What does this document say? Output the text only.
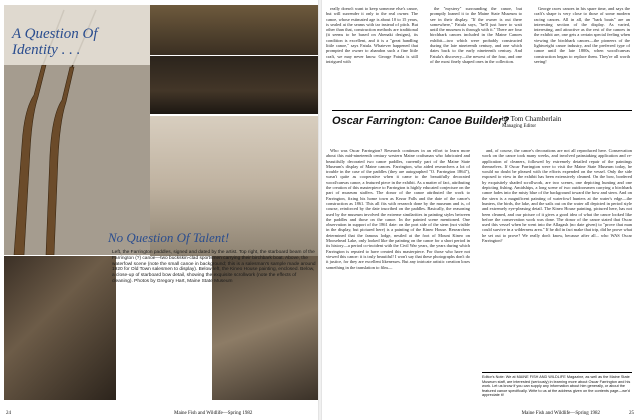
A Question Of Identity . . .
No Question Of Talent!
Left, the Farrington paddles, signed and dated by the artist. Top right, the starboard beam of the Farrington (?) canoe—two buckskin-clad sportsmen carrying their birchbark boat. Above, the waterfowl scene (note the small canoe in background; this is a salesman's sample made around 1920 for Old Town salesmen to display). Below left, the Kineo House painting, enclosed. Below, a close-up of starboard bow detail, showing the exquisite scrollwork (note the effects of cleaning). Photos by Gregory Hart, Maine State Museum
24	Maine Fish and Wildlife—Spring 1982

really doesn't want to keep someone else's canoe, but will surrender it only to the real owner. The canoe, whose estimated age is about 10 to 15 years, is sealed at the seams with tar instead of pitch. But other than that, construction methods are traditional (it seems to be based on Abenaki designs), its condition is excellent, and it is a "great handling little canoe," says Fatula. Whatever happened that prompted the owner to abandon such a fine little craft, we may never know. George Fatula is still intrigued with

the "mystery" surrounding the canoe, but promptly loaned it to the Maine State Museum to see in their display. "If the owner is out there somewhere," Fatula says, "he'll just have to wait until the museum is through with it." There are four birchbark canoes included in the Maine Canoes exhibit—two which were probably constructed during the late nineteenth century, and one which dates back to the early nineteenth century. And Fatula's discovery—the newest of the four, and one of the most finely shaped ones in the collection.

George races canoes in his spare time, and says the craft's shape is very close to those of some modern racing canoes. All in all, the "bark boats" are an interesting section of the display. As varied, interesting, and attractive as the rest of the canoes in the exhibit are, one gets a certain special feeling when viewing the birchbark canoes—the pioneers of the lightweight canoe industry, and the preferred type of canoe until the late 1800s, when wood/canvas construction began to replace them. They're all worth seeing!

Oscar Farrington: Canoe Builder?
by Tom Chamberlain
Managing Editor

Who was Oscar Farrington? Research continues in an effort to learn more about this mid-nineteenth century western Maine craftsman who fabricated and beautifully decorated two canoe paddles, currently part of the Maine State Museum's display of Maine canoes. Farrington, who aided researchers a lot of trouble in the case of the paddles (they are autographed "O. Farrington 1864"), wasn't quite as cooperative when it came to the beautifully decorated wood/canvas canoe, a featured piece in the exhibit. As a matter of fact, attributing the creation of this masterpiece to Farrington is highly educated conjecture on the part of museum staffers. The donor of the canoe attributed the work to Farrington, fixing his home town as Kezar Falls and the date of the canoe's construction as 1861. This all fits with research done by the museum and is, of course, reinforced by the date inscribed on the paddles. Basically, the reasoning used by the museum involved the extreme similarities in painting styles between the paddles and those on the canoe. In the painted scene mentioned. One observation in support of the 1861 date: on the port side of the stern (not visible in the display, but pictured here) is a painting of the Kineo House. Researchers determined that the famous lodge, nestled at the foot of Mount Kineo on Moosehead Lake, only looked like the painting on the canoe for a short period in its history—a period co-incident with the Civil War years, the years during which Farrington is reputed to have created this masterpiece. For those who have not viewed this canoe: it is truly beautiful! I won't say that these photographs don't do it justice, for they are excellent likenesses. But any intricate artistic creation loses something in the translation to film—

and, of course, the canoe's decorations are not all reproduced here. Conservation work on the canoe took many weeks, and involved painstaking application and re-application of cleaners, followed by extremely detailed repair of the paintings themselves. If Oscar Farrington were to visit the Maine State Museum today, he would no doubt be pleased with the efforts expended on the vessel. Only the side exposed to view in the exhibit has been extensively cleaned. On the bow, bordered by exquisitely shaded scrollwork, are two scenes, one depicting hunting and one depicting fishing. Amidships, a long scene of two outdoorsmen carrying a birchbark canoe fades into the misty blue of the background toward the bow and stern. And on the stern is a magnificent painting of waterfowl hunters at the water's edge—the hunters, the birds, the lake, and the sails out on the water all depicted in period style and extremely eye-pleasing detail. The Kineo House painting, pictured here, has not been cleaned, and our picture of it gives a good idea of what the canoe looked like before the conservation work was done. The donor of the canoe stated that Oscar used this vessel when he went into the Allagash (no date given) to "prove that man could survive in a wilderness area." If he did in fact make that trip, did he prove what he set out to prove? We really don't know, because after all... who WAS Oscar Farrington?

Editor's Note: We at MAINE FISH AND WILDLIFE Magazine, as well as the Maine State Museum staff, are interested (seriously) in learning more about Oscar Farrington and his work. Let us know if you can supply any information about him generally, or about the featured canoe specifically. Write to us at the address given on the contents page—we'd appreciate it!
Maine Fish and Wildlife—Spring 1982	25
